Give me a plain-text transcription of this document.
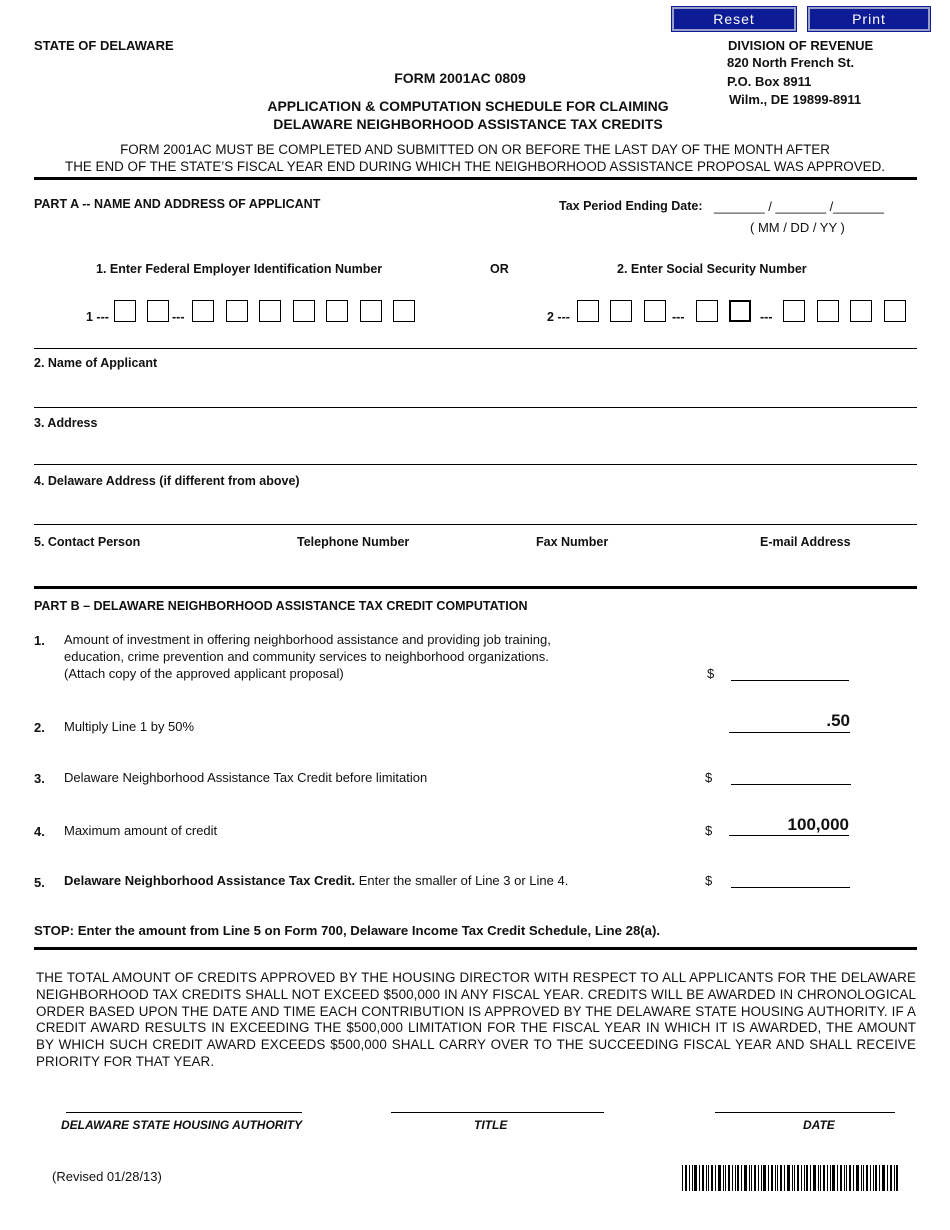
Reset	Print
STATE OF DELAWARE	DIVISION OF REVENUE
820 North French St.
P.O. Box 8911
Wilm., DE 19899-8911
FORM 2001AC 0809
APPLICATION & COMPUTATION SCHEDULE FOR CLAIMING
DELAWARE NEIGHBORHOOD ASSISTANCE TAX CREDITS
FORM 2001AC MUST BE COMPLETED AND SUBMITTED ON OR BEFORE THE LAST DAY OF THE MONTH AFTER
THE END OF THE STATE’S FISCAL YEAR END DURING WHICH THE NEIGHBORHOOD ASSISTANCE PROPOSAL WAS APPROVED.
PART A -- NAME AND ADDRESS OF APPLICANT	Tax Period Ending Date: _______ / _______ /_______
( MM / DD / YY )
1. Enter Federal Employer Identification Number	OR	2. Enter Social Security Number
1 ---	---	2 ---	---	---
2. Name of Applicant
3. Address
4. Delaware Address (if different from above)
5. Contact Person	Telephone Number	Fax Number	E-mail Address
PART B – DELAWARE NEIGHBORHOOD ASSISTANCE TAX CREDIT COMPUTATION
1. Amount of investment in offering neighborhood assistance and providing job training,
education, crime prevention and community services to neighborhood organizations.
(Attach copy of the approved applicant proposal)	$
2. Multiply Line 1 by 50%	.50
3. Delaware Neighborhood Assistance Tax Credit before limitation	$
4. Maximum amount of credit	$	100,000
5. Delaware Neighborhood Assistance Tax Credit. Enter the smaller of Line 3 or Line 4.	$
STOP: Enter the amount from Line 5 on Form 700, Delaware Income Tax Credit Schedule, Line 28(a).
THE TOTAL AMOUNT OF CREDITS APPROVED BY THE HOUSING DIRECTOR WITH RESPECT TO ALL APPLICANTS FOR THE DELAWARE NEIGHBORHOOD TAX CREDITS SHALL NOT EXCEED $500,000 IN ANY FISCAL YEAR. CREDITS WILL BE AWARDED IN CHRONOLOGICAL ORDER BASED UPON THE DATE AND TIME EACH CONTRIBUTION IS APPROVED BY THE DELAWARE STATE HOUSING AUTHORITY. IF A CREDIT AWARD RESULTS IN EXCEEDING THE $500,000 LIMITATION FOR THE FISCAL YEAR IN WHICH IT IS AWARDED, THE AMOUNT BY WHICH SUCH CREDIT AWARD EXCEEDS $500,000 SHALL CARRY OVER TO THE SUCCEEDING FISCAL YEAR AND SHALL RECEIVE PRIORITY FOR THAT YEAR.
DELAWARE STATE HOUSING AUTHORITY	TITLE	DATE
(Revised 01/28/13)
